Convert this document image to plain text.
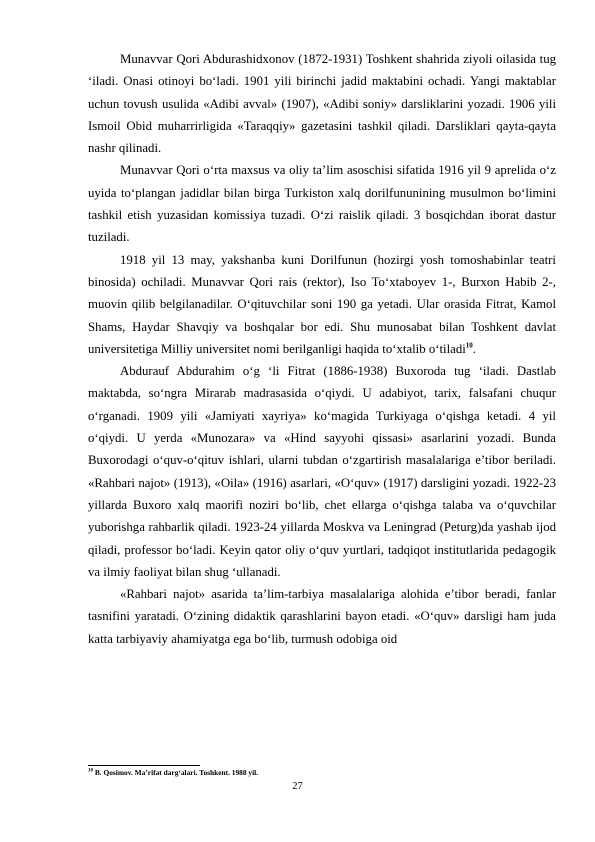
Munavvar Qori Abdurashidxonov (1872-1931) Toshkent shahrida ziyoli oilasida tug ‘iladi. Onasi otinoyi bo‘ladi. 1901 yili birinchi jadid maktabini ochadi. Yangi maktablar uchun tovush usulida «Adibi avval» (1907), «Adibi soniy» darsliklarini yozadi. 1906 yili Ismoil Obid muharrirligida «Taraqqiy» gazetasini tashkil qiladi. Darsliklari qayta-qayta nashr qilinadi.

Munavvar Qori o‘rta maxsus va oliy ta’lim asoschisi sifatida 1916 yil 9 aprelida o‘z uyida to‘plangan jadidlar bilan birga Turkiston xalq dorilfununining musulmon bo‘limini tashkil etish yuzasidan komissiya tuzadi. O‘zi raislik qiladi. 3 bosqichdan iborat dastur tuziladi.

1918 yil 13 may, yakshanba kuni Dorilfunun (hozirgi yosh tomoshabinlar teatri binosida) ochiladi. Munavvar Qori rais (rektor), Iso To‘xtaboyev 1-, Burxon Habib 2-, muovin qilib belgilanadilar. O‘qituvchilar soni 190 ga yetadi. Ular orasida Fitrat, Kamol Shams, Haydar Shavqiy va boshqalar bor edi. Shu munosabat bilan Toshkent davlat universitetiga Milliy universitet nomi berilganligi haqida to‘xtalib o‘tiladi$^{10}$.

Abdurauf Abdurahim o‘g ‘li Fitrat (1886-1938) Buxoroda tug ‘iladi. Dastlab maktabda, so‘ngra Mirarab madrasasida o‘qiydi. U adabiyot, tarix, falsafani chuqur o‘rganadi. 1909 yili «Jamiyati xayriya» ko‘magida Turkiyaga o‘qishga ketadi. 4 yil o‘qiydi. U yerda «Munozara» va «Hind sayyohi qissasi» asarlarini yozadi. Bunda Buxorodagi o‘quv-o‘qituv ishlari, ularni tubdan o‘zgartirish masalalariga e’tibor beriladi. «Rahbari najot» (1913), «Oila» (1916) asarlari, «O‘quv» (1917) darsligini yozadi. 1922-23 yillarda Buxoro xalq maorifi noziri bo‘lib, chet ellarga o‘qishga talaba va o‘quvchilar yuborishga rahbarlik qiladi. 1923-24 yillarda Moskva va Leningrad (Peturg)da yashab ijod qiladi, professor bo‘ladi. Keyin qator oliy o‘quv yurtlari, tadqiqot institutlarida pedagogik va ilmiy faoliyat bilan shug ‘ullanadi.

«Rahbari najot» asarida ta’lim-tarbiya masalalariga alohida e’tibor beradi, fanlar tasnifini yaratadi. O‘zining didaktik qarashlarini bayon etadi. «O‘quv» darsligi ham juda katta tarbiyaviy ahamiyatga ega bo‘lib, turmush odobiga oid

$^{10}$ B. Qosimov. Ma’rifat darg‘alari. Toshkent. 1988 yil.
27
